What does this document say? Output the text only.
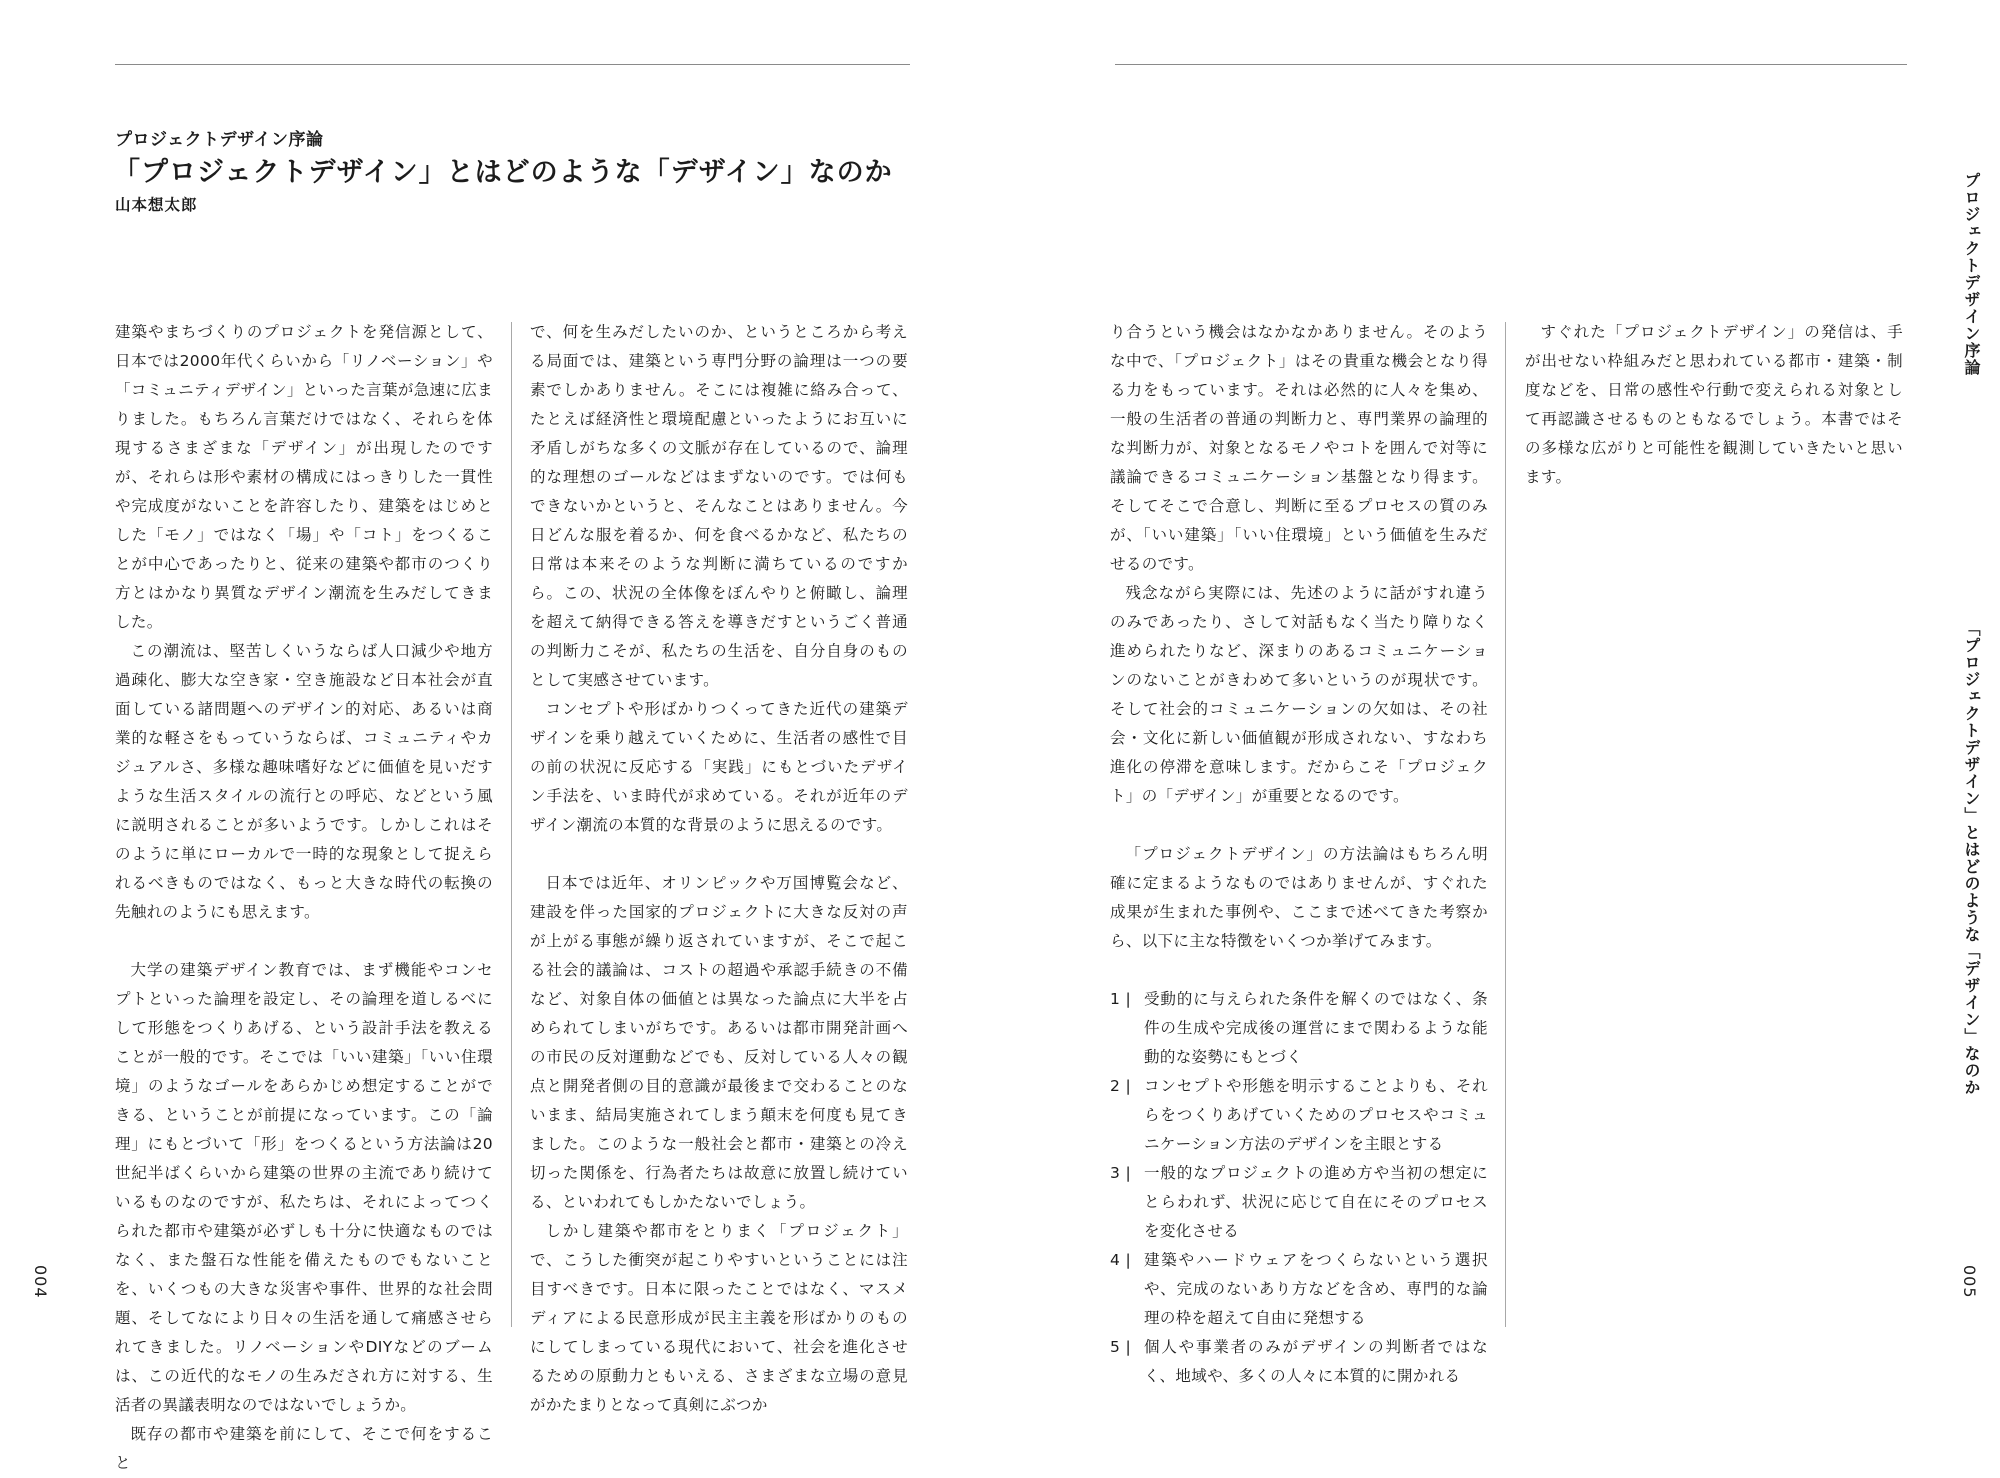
プロジェクトデザイン序論
「プロジェクトデザイン」とはどのような「デザイン」なのか
山本想太郎

建築やまちづくりのプロジェクトを発信源として、日本では2000年代くらいから「リノベーション」や「コミュニティデザイン」といった言葉が急速に広まりました。もちろん言葉だけではなく、それらを体現するさまざまな「デザイン」が出現したのですが、それらは形や素材の構成にはっきりした一貫性や完成度がないことを許容したり、建築をはじめとした「モノ」ではなく「場」や「コト」をつくることが中心であったりと、従来の建築や都市のつくり方とはかなり異質なデザイン潮流を生みだしてきました。

この潮流は、堅苦しくいうならば人口減少や地方過疎化、膨大な空き家・空き施設など日本社会が直面している諸問題へのデザイン的対応、あるいは商業的な軽さをもっていうならば、コミュニティやカジュアルさ、多様な趣味嗜好などに価値を見いだすような生活スタイルの流行との呼応、などという風に説明されることが多いようです。しかしこれはそのように単にローカルで一時的な現象として捉えられるべきものではなく、もっと大きな時代の転換の先触れのようにも思えます。

大学の建築デザイン教育では、まず機能やコンセプトといった論理を設定し、その論理を道しるべにして形態をつくりあげる、という設計手法を教えることが一般的です。そこでは「いい建築」「いい住環境」のようなゴールをあらかじめ想定することができる、ということが前提になっています。この「論理」にもとづいて「形」をつくるという方法論は20世紀半ばくらいから建築の世界の主流であり続けているものなのですが、私たちは、それによってつくられた都市や建築が必ずしも十分に快適なものではなく、また盤石な性能を備えたものでもないことを、いくつもの大きな災害や事件、世界的な社会問題、そしてなにより日々の生活を通して痛感させられてきました。リノベーションやDIYなどのブームは、この近代的なモノの生みだされ方に対する、生活者の異議表明なのではないでしょうか。

既存の都市や建築を前にして、そこで何をすること

で、何を生みだしたいのか、というところから考える局面では、建築という専門分野の論理は一つの要素でしかありません。そこには複雑に絡み合って、たとえば経済性と環境配慮といったようにお互いに矛盾しがちな多くの文脈が存在しているので、論理的な理想のゴールなどはまずないのです。では何もできないかというと、そんなことはありません。今日どんな服を着るか、何を食べるかなど、私たちの日常は本来そのような判断に満ちているのですから。この、状況の全体像をぼんやりと俯瞰し、論理を超えて納得できる答えを導きだすというごく普通の判断力こそが、私たちの生活を、自分自身のものとして実感させています。

コンセプトや形ばかりつくってきた近代の建築デザインを乗り越えていくために、生活者の感性で目の前の状況に反応する「実践」にもとづいたデザイン手法を、いま時代が求めている。それが近年のデザイン潮流の本質的な背景のように思えるのです。

日本では近年、オリンピックや万国博覧会など、建設を伴った国家的プロジェクトに大きな反対の声が上がる事態が繰り返されていますが、そこで起こる社会的議論は、コストの超過や承認手続きの不備など、対象自体の価値とは異なった論点に大半を占められてしまいがちです。あるいは都市開発計画への市民の反対運動などでも、反対している人々の観点と開発者側の目的意識が最後まで交わることのないまま、結局実施されてしまう顛末を何度も見てきました。このような一般社会と都市・建築との冷え切った関係を、行為者たちは故意に放置し続けている、といわれてもしかたないでしょう。

しかし建築や都市をとりまく「プロジェクト」で、こうした衝突が起こりやすいということには注目すべきです。日本に限ったことではなく、マスメディアによる民意形成が民主主義を形ばかりのものにしてしまっている現代において、社会を進化させるための原動力ともいえる、さまざまな立場の意見がかたまりとなって真剣にぶつか

り合うという機会はなかなかありません。そのような中で、「プロジェクト」はその貴重な機会となり得る力をもっています。それは必然的に人々を集め、一般の生活者の普通の判断力と、専門業界の論理的な判断力が、対象となるモノやコトを囲んで対等に議論できるコミュニケーション基盤となり得ます。そしてそこで合意し、判断に至るプロセスの質のみが、「いい建築」「いい住環境」という価値を生みだせるのです。

残念ながら実際には、先述のように話がすれ違うのみであったり、さして対話もなく当たり障りなく進められたりなど、深まりのあるコミュニケーションのないことがきわめて多いというのが現状です。そして社会的コミュニケーションの欠如は、その社会・文化に新しい価値観が形成されない、すなわち進化の停滞を意味します。だからこそ「プロジェクト」の「デザイン」が重要となるのです。

「プロジェクトデザイン」の方法論はもちろん明確に定まるようなものではありませんが、すぐれた成果が生まれた事例や、ここまで述べてきた考察から、以下に主な特徴をいくつか挙げてみます。

1 | 受動的に与えられた条件を解くのではなく、条件の生成や完成後の運営にまで関わるような能動的な姿勢にもとづく
2 | コンセプトや形態を明示することよりも、それらをつくりあげていくためのプロセスやコミュニケーション方法のデザインを主眼とする
3 | 一般的なプロジェクトの進め方や当初の想定にとらわれず、状況に応じて自在にそのプロセスを変化させる
4 | 建築やハードウェアをつくらないという選択や、完成のないあり方などを含め、専門的な論理の枠を超えて自由に発想する
5 | 個人や事業者のみがデザインの判断者ではなく、地域や、多くの人々に本質的に開かれる

すぐれた「プロジェクトデザイン」の発信は、手が出せない枠組みだと思われている都市・建築・制度などを、日常の感性や行動で変えられる対象として再認識させるものともなるでしょう。本書ではその多様な広がりと可能性を観測していきたいと思います。

プロジェクトデザイン序論
「プロジェクトデザイン」とはどのような「デザイン」なのか
004	005
